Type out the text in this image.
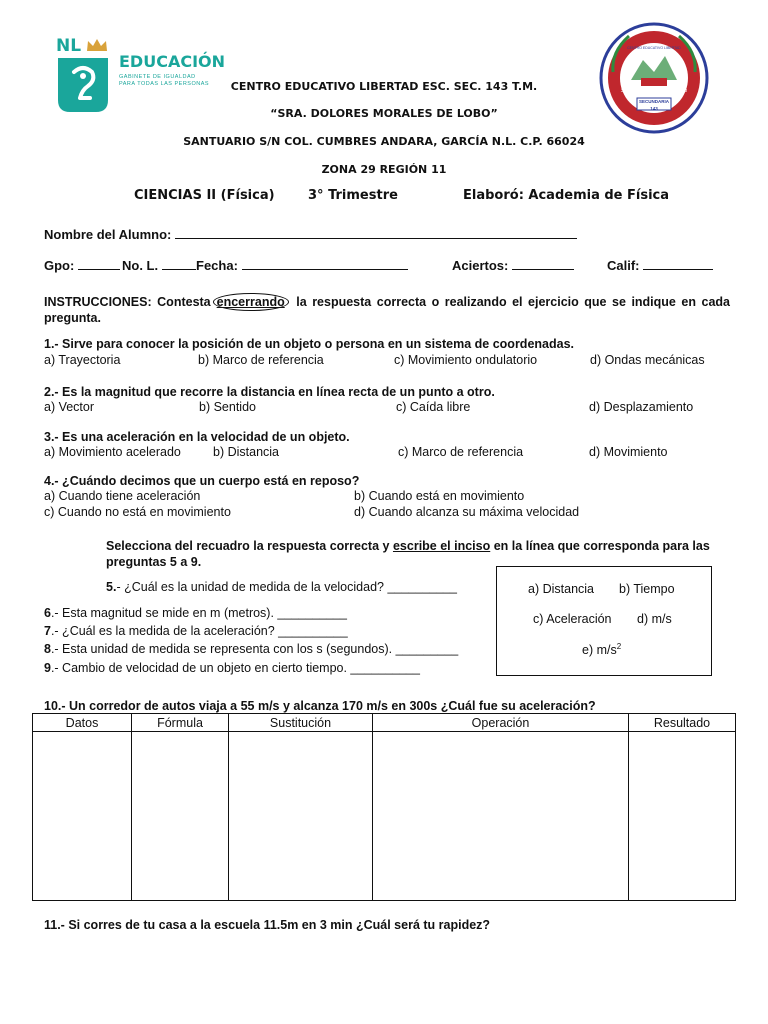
NL
EDUCACIÓN
GABINETE DE IGUALDAD
PARA TODAS LAS PERSONAS
CENTRO EDUCATIVO LIBERTAD
Sra. Dolores Morales de Lobo
SECUNDARIA
143
CENTRO EDUCATIVO LIBERTAD ESC. SEC. 143 T.M.
“SRA. DOLORES MORALES DE LOBO”
SANTUARIO S/N COL. CUMBRES ANDARA, GARCÍA N.L. C.P. 66024
ZONA 29 REGIÓN 11
CIENCIAS II (Física)	3° Trimestre	Elaboró: Academia de Física
Nombre del Alumno:
Gpo:	No. L.	Fecha:	Aciertos:	Calif:
INSTRUCCIONES: Contesta encerrando la respuesta correcta o realizando el ejercicio que se indique en cada pregunta.
1.- Sirve para conocer la posición de un objeto o persona en un sistema de coordenadas.
a) Trayectoria	b) Marco de referencia	c) Movimiento ondulatorio	d) Ondas mecánicas
2.- Es la magnitud que recorre la distancia en línea recta de un punto a otro.
a) Vector	b) Sentido	c) Caída libre	d) Desplazamiento
3.- Es una aceleración en la velocidad de un objeto.
a) Movimiento acelerado	b) Distancia	c) Marco de referencia	d) Movimiento
4.- ¿Cuándo decimos que un cuerpo está en reposo?
a) Cuando tiene aceleración	b) Cuando está en movimiento
c) Cuando no está en movimiento	d) Cuando alcanza su máxima velocidad
Selecciona del recuadro la respuesta correcta y escribe el inciso en la línea que corresponda para las preguntas 5 a 9.
5.- ¿Cuál es la unidad de medida de la velocidad? __________
6.- Esta magnitud se mide en m (metros). __________
7.- ¿Cuál es la medida de la aceleración? __________
8.- Esta unidad de medida se representa con los s (segundos). _________
9.- Cambio de velocidad de un objeto en cierto tiempo. __________
a) Distancia b) Tiempo
c) Aceleración d) m/s
e) $m/s^2$
10.- Un corredor de autos viaja a 55 m/s y alcanza 170 m/s en 300s ¿Cuál fue su aceleración?
Datos	Fórmula	Sustitución	Operación	Resultado

11.- Si corres de tu casa a la escuela 11.5m en 3 min ¿Cuál será tu rapidez?
